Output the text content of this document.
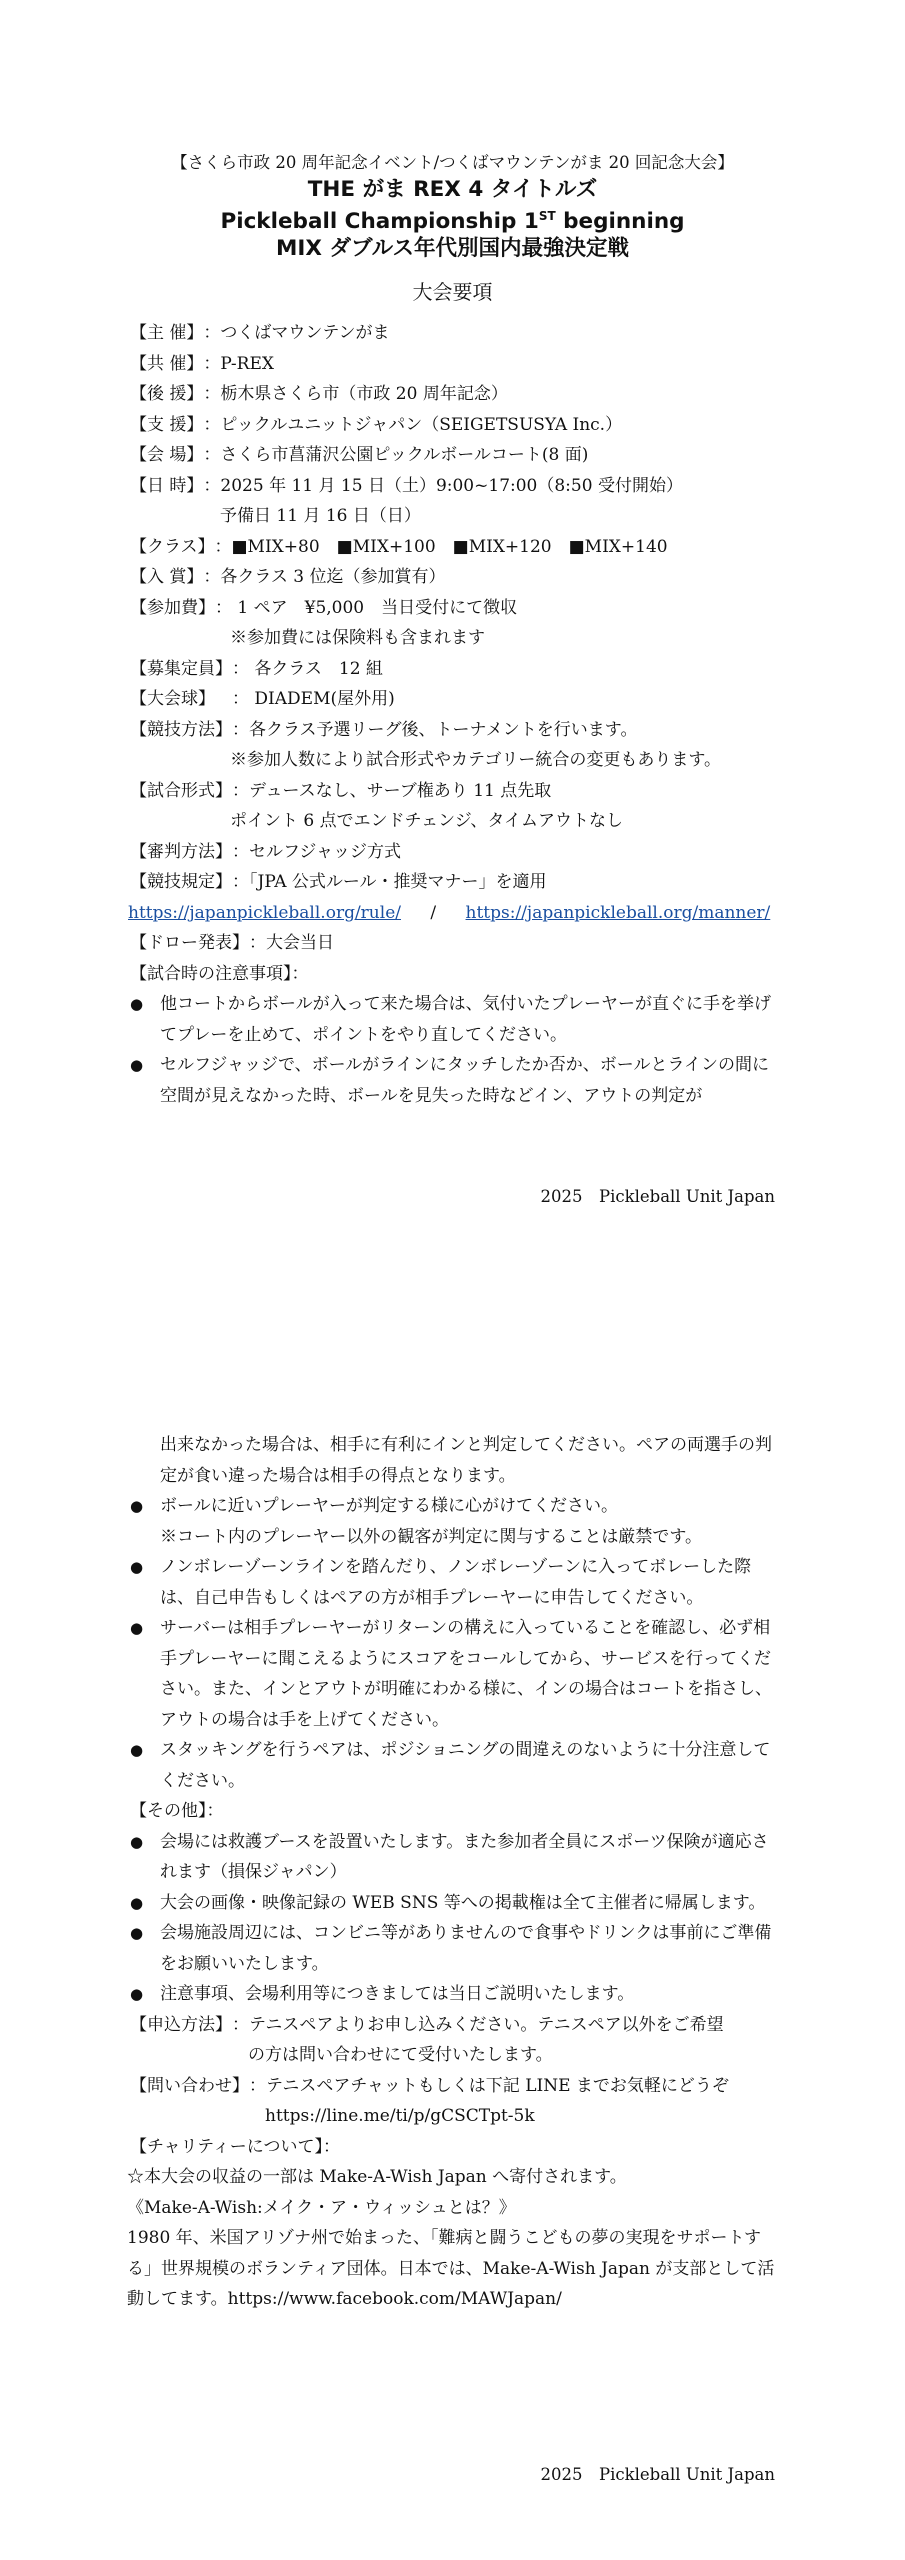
【さくら市政 20 周年記念イベント/つくばマウンテンがま 20 回記念大会】
THE がま REX 4 タイトルズ
Pickleball Championship 1ST beginning
MIX ダブルス年代別国内最強決定戦
大会要項
【主 催】 ：つくばマウンテンがま
【共 催】 ：P-REX
【後 援】 ：栃木県さくら市（市政 20 周年記念）
【支 援】 ：ピックルユニットジャパン（SEIGETSUSYA Inc.）
【会 場】 ：さくら市菖蒲沢公園ピックルボールコート(8 面)
【日 時】 ：2025 年 11 月 15 日（土）9:00~17:00（8:50 受付開始）
予備日 11 月 16 日（日）
【クラス】 ：■MIX+80　■MIX+100　■MIX+120　■MIX+140
【入 賞】 ：各クラス 3 位迄（参加賞有）
【参加費】 ： 1 ペア　¥5,000　当日受付にて徴収
※参加費には保険料も含まれます
【募集定員】 ： 各クラス　12 組
【大会球】 　： DIADEM(屋外用)
【競技方法】 ：各クラス予選リーグ後、トーナメントを行います。
※参加人数により試合形式やカテゴリー統合の変更もあります。
【試合形式】 ：デュースなし、サーブ権あり 11 点先取
ポイント 6 点でエンドチェンジ、タイムアウトなし
【審判方法】 ：セルフジャッジ方式
【競技規定】 ：「JPA 公式ルール・推奨マナー」を適用
https://japanpickleball.org/rule/ / https://japanpickleball.org/manner/
【ドロー発表】 ：大会当日
【試合時の注意事項】：
● 他コートからボールが入って来た場合は、気付いたプレーヤーが直ぐに手を挙げてプレーを止めて、ポイントをやり直してください。
● セルフジャッジで、ボールがラインにタッチしたか否か、ボールとラインの間に空間が見えなかった時、ボールを見失った時などイン、アウトの判定が
2025　Pickleball Unit Japan
出来なかった場合は、相手に有利にインと判定してください。ペアの両選手の判定が食い違った場合は相手の得点となります。
● ボールに近いプレーヤーが判定する様に心がけてください。
※コート内のプレーヤー以外の観客が判定に関与することは厳禁です。
● ノンボレーゾーンラインを踏んだり、ノンボレーゾーンに入ってボレーした際は、自己申告もしくはペアの方が相手プレーヤーに申告してください。
● サーバーは相手プレーヤーがリターンの構えに入っていることを確認し、必ず相手プレーヤーに聞こえるようにスコアをコールしてから、サービスを行ってください。また、インとアウトが明確にわかる様に、インの場合はコートを指さし、アウトの場合は手を上げてください。
● スタッキングを行うペアは、ポジショニングの間違えのないように十分注意してください。
【その他】：
● 会場には救護ブースを設置いたします。また参加者全員にスポーツ保険が適応されます（損保ジャパン）
● 大会の画像・映像記録の WEB SNS 等への掲載権は全て主催者に帰属します。
● 会場施設周辺には、コンビニ等がありませんので食事やドリンクは事前にご準備をお願いいたします。
● 注意事項、会場利用等につきましては当日ご説明いたします。
【申込方法】 ：テニスペアよりお申し込みください。テニスペア以外をご希望
の方は問い合わせにて受付いたします。
【問い合わせ】 ：テニスペアチャットもしくは下記 LINE までお気軽にどうぞ
https://line.me/ti/p/gCSCTpt-5k
【チャリティーについて】：
☆本大会の収益の一部は Make-A-Wish Japan へ寄付されます。
《Make-A-Wish:メイク・ア・ウィッシュとは？》
1980 年、米国アリゾナ州で始まった、「難病と闘うこどもの夢の実現をサポートする」世界規模のボランティア団体。日本では、Make-A-Wish Japan が支部として活動してます。https://www.facebook.com/MAWJapan/
2025　Pickleball Unit Japan
